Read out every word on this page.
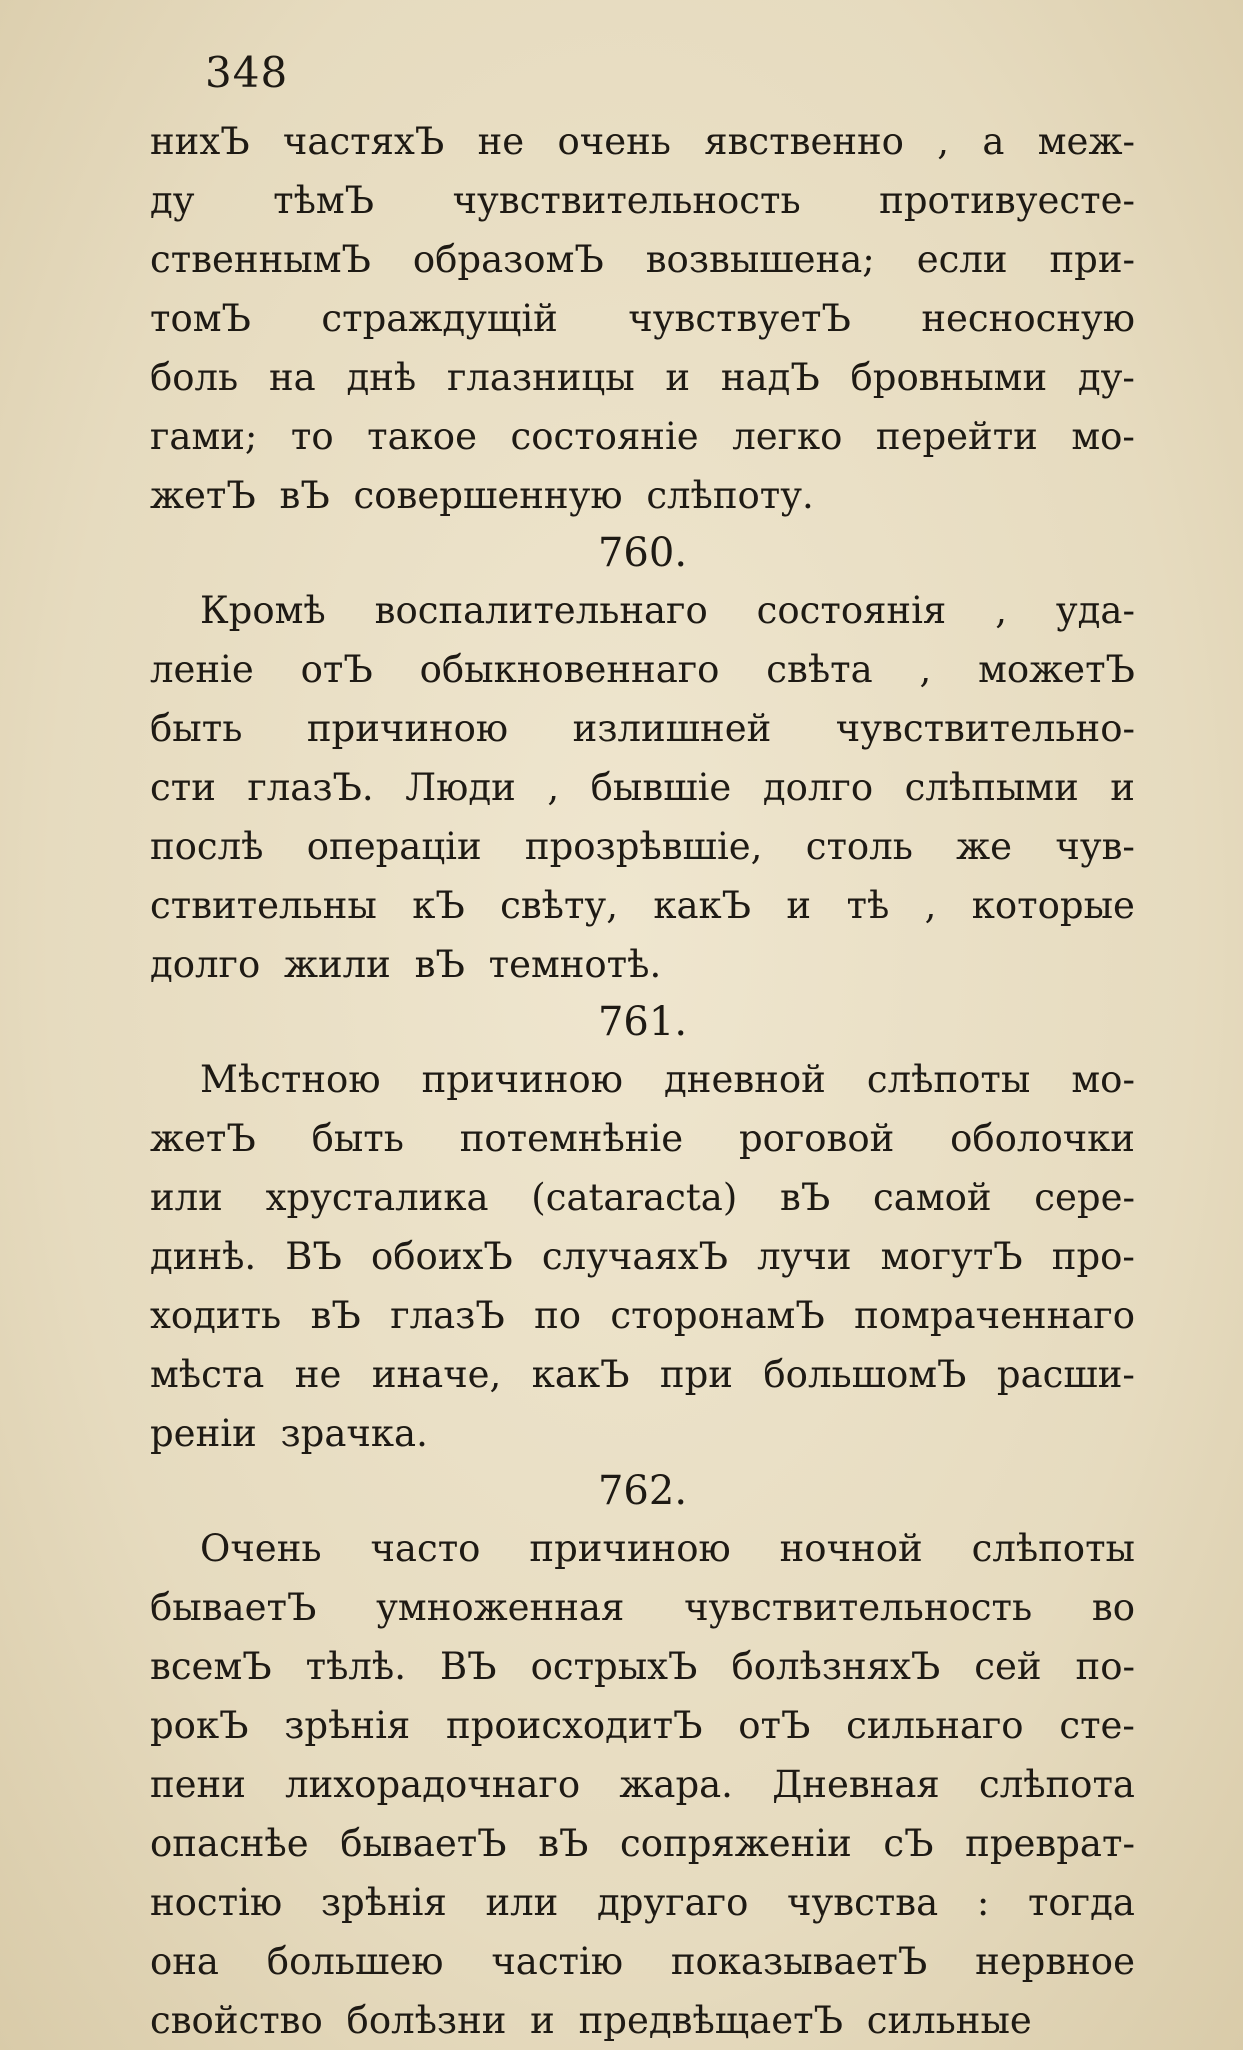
348
нихЪ частяхЪ не очень явственно , а меж-
ду тѣмЪ чувствительность противуесте-
ственнымЪ образомЪ возвышена; если при-
томЪ страждущій чувствуетЪ несносную
боль на днѣ глазницы и надЪ бровными ду-
гами; то такое состояніе легко перейти мо-
жетЪ вЪ совершенную слѣпоту.
760.
Кромѣ воспалительнаго состоянія , уда-
леніе отЪ обыкновеннаго свѣта , можетЪ
быть причиною излишней чувствительно-
сти глазЪ. Люди , бывшіе долго слѣпыми и
послѣ операціи прозрѣвшіе, столь же чув-
ствительны кЪ свѣту, какЪ и тѣ , которые
долго жили вЪ темнотѣ.
761.
Мѣстною причиною дневной слѣпоты мо-
жетЪ быть потемнѣніе роговой оболочки
или хрусталика (cataracta) вЪ самой сере-
динѣ. ВЪ обоихЪ случаяхЪ лучи могутЪ про-
ходить вЪ глазЪ по сторонамЪ помраченнаго
мѣста не иначе, какЪ при большомЪ расши-
реніи зрачка.
762.
Очень часто причиною ночной слѣпоты
бываетЪ умноженная чувствительность во
всемЪ тѣлѣ. ВЪ острыхЪ болѣзняхЪ сей по-
рокЪ зрѣнія происходитЪ отЪ сильнаго сте-
пени лихорадочнаго жара. Дневная слѣпота
опаснѣе бываетЪ вЪ сопряженіи сЪ преврат-
ностію зрѣнія или другаго чувства : тогда
она большею частію показываетЪ нервное
свойство болѣзни и предвѣщаетЪ сильные
